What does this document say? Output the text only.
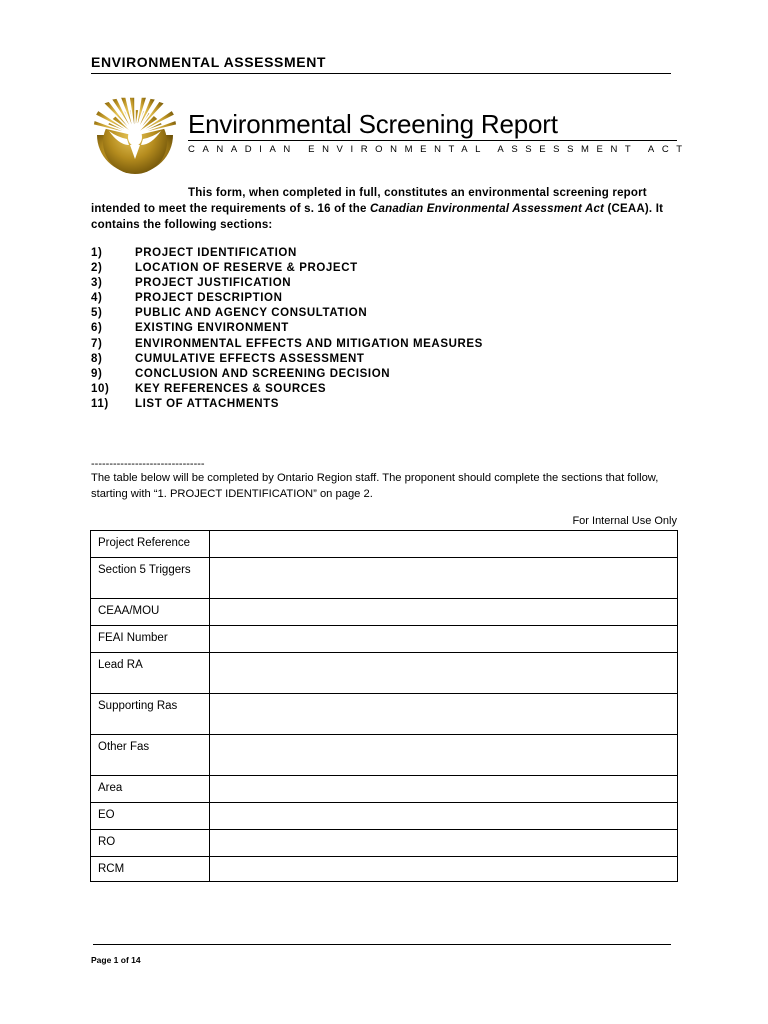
ENVIRONMENTAL ASSESSMENT
Environmental Screening Report
CANADIAN ENVIRONMENTAL ASSESSMENT ACT
This form, when completed in full, constitutes an environmental screening report intended to meet the requirements of s. 16 of the Canadian Environmental Assessment Act (CEAA). It contains the following sections:
1)	PROJECT IDENTIFICATION
2)	LOCATION OF RESERVE & PROJECT
3)	PROJECT JUSTIFICATION
4)	PROJECT DESCRIPTION
5)	PUBLIC AND AGENCY CONSULTATION
6)	EXISTING ENVIRONMENT
7)	ENVIRONMENTAL EFFECTS AND MITIGATION MEASURES
8)	CUMULATIVE EFFECTS ASSESSMENT
9)	CONCLUSION AND SCREENING DECISION
10) KEY REFERENCES & SOURCES
11) LIST OF ATTACHMENTS
-------------------------------
The table below will be completed by Ontario Region staff. The proponent should complete the sections that follow, starting with “1. PROJECT IDENTIFICATION” on page 2.
For Internal Use Only
Project Reference	
Section 5 Triggers	
CEAA/MOU	
FEAI Number	
Lead RA	
Supporting Ras	
Other Fas	
Area	
EO	
RO	
RCM	
Page 1 of 14
